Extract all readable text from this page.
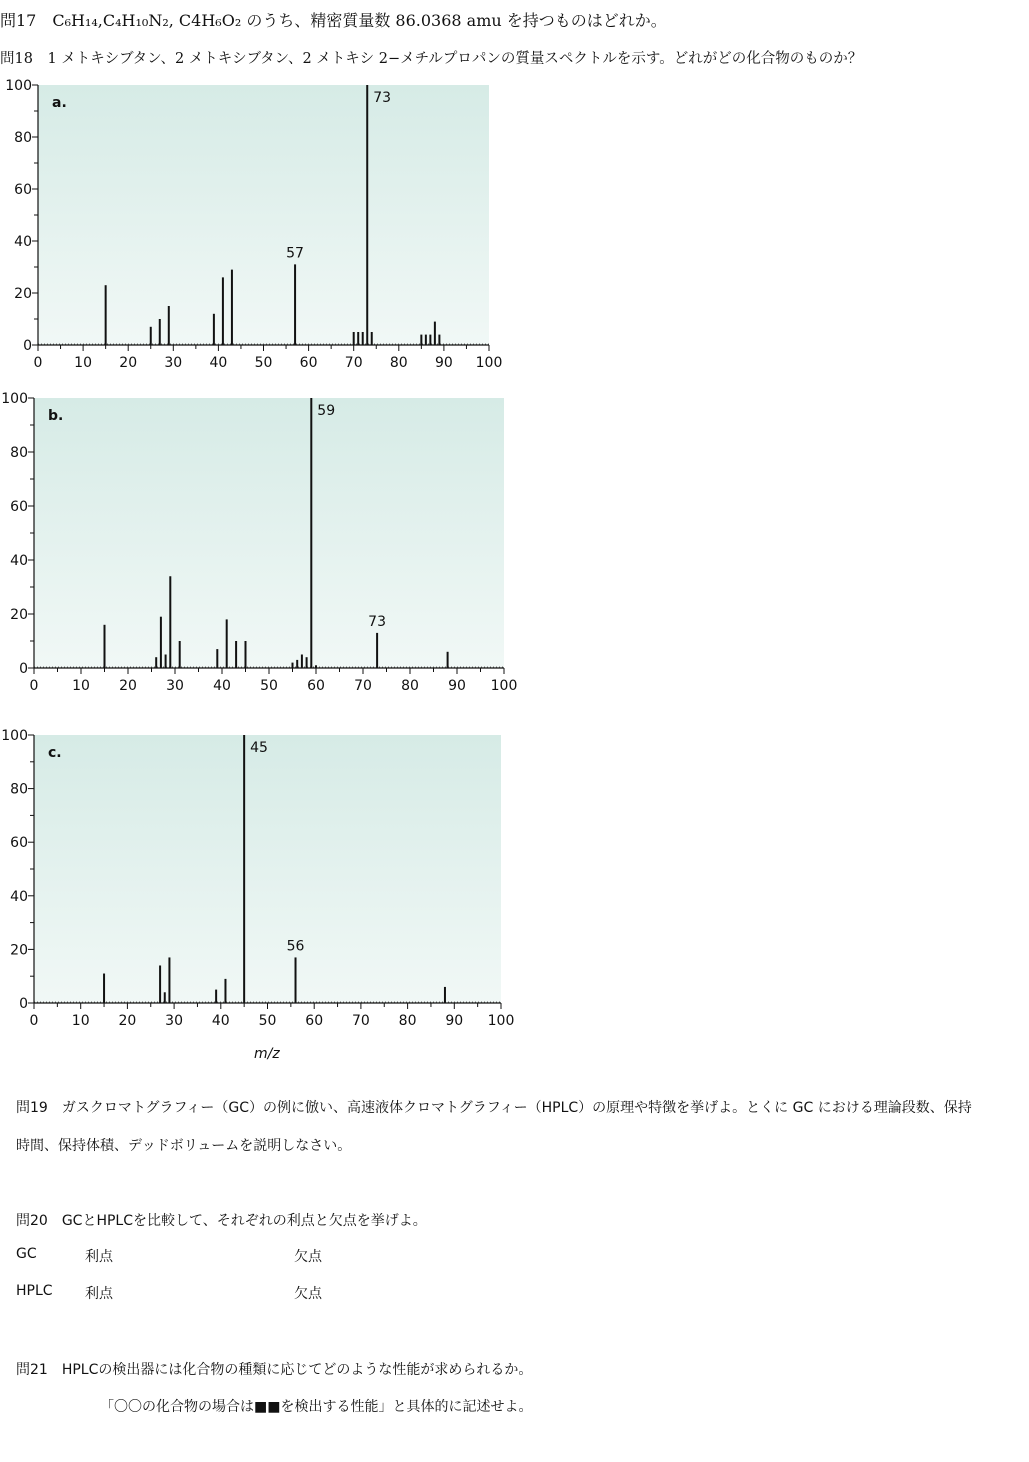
問17　C₆H₁₄,C₄H₁₀N₂, C4H₆O₂ のうち、精密質量数 86.0368 amu を持つものはどれか。
問18　1 メトキシブタン、2 メトキシブタン、2 メトキシ 2−メチルプロパンの質量スペクトルを示す。どれがどの化合物のものか？
0
20
40
60
80
100
0 10 20 30 40 50 60 70 80 90 100
57
73
a.
0
20
40
60
80
100
0 10 20 30 40 50 60 70 80 90 100
59
73
b.
0
20
40
60
80
100
0 10 20 30 40 50 60 70 80 90 100
45
56
c.
m/z
問19　ガスクロマトグラフィー（GC）の例に倣い、高速液体クロマトグラフィー（HPLC）の原理や特徴を挙げよ。とくに GC における理論段数、保持
時間、保持体積、デッドボリュームを説明しなさい。
問20　GCとHPLCを比較して、それぞれの利点と欠点を挙げよ。
GC	利点	欠点
HPLC 利点	欠点
問21　HPLCの検出器には化合物の種類に応じてどのような性能が求められるか。
「〇〇の化合物の場合は■■を検出する性能」と具体的に記述せよ。
